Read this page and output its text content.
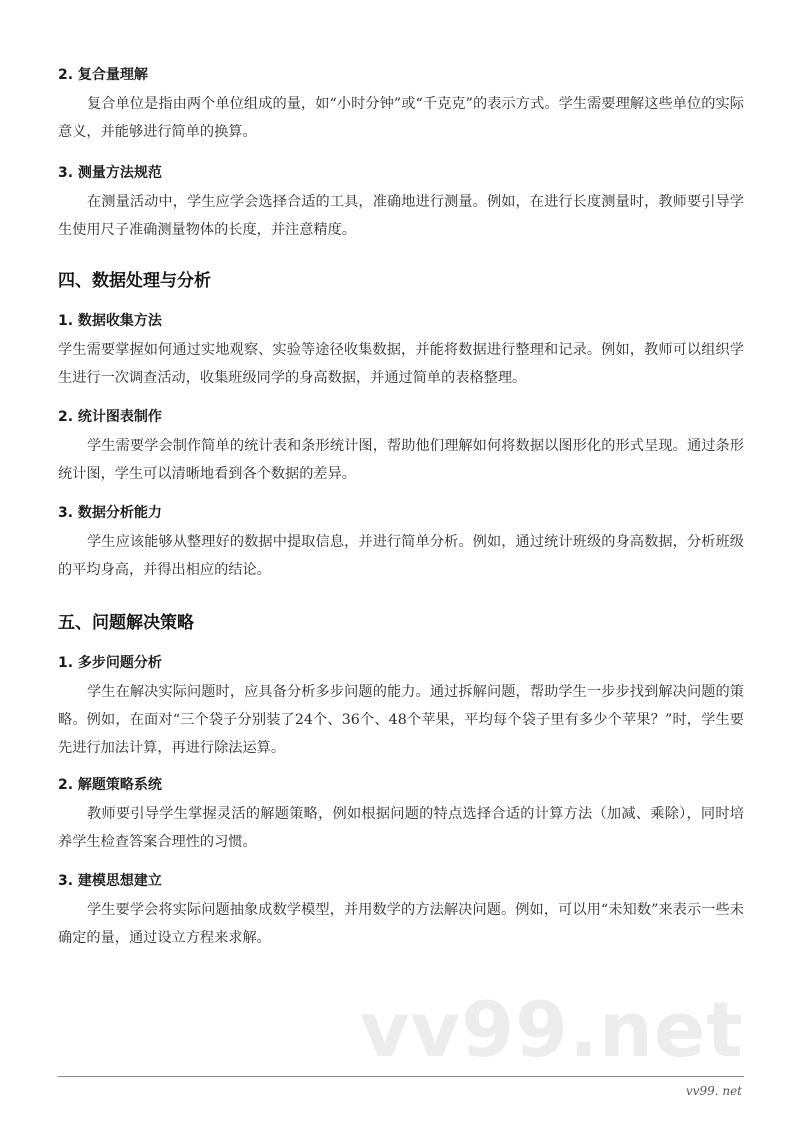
2. 复合量理解

复合单位是指由两个单位组成的量，如“小时分钟”或“千克克”的表示方式。学生需要理解这些单位的实际意义，并能够进行简单的换算。

3. 测量方法规范

在测量活动中，学生应学会选择合适的工具，准确地进行测量。例如，在进行长度测量时，教师要引导学生使用尺子准确测量物体的长度，并注意精度。

四、数据处理与分析
1. 数据收集方法

学生需要掌握如何通过实地观察、实验等途径收集数据，并能将数据进行整理和记录。例如，教师可以组织学生进行一次调查活动，收集班级同学的身高数据，并通过简单的表格整理。

2. 统计图表制作

学生需要学会制作简单的统计表和条形统计图，帮助他们理解如何将数据以图形化的形式呈现。通过条形统计图，学生可以清晰地看到各个数据的差异。

3. 数据分析能力

学生应该能够从整理好的数据中提取信息，并进行简单分析。例如，通过统计班级的身高数据，分析班级的平均身高，并得出相应的结论。

五、问题解决策略
1. 多步问题分析

学生在解决实际问题时，应具备分析多步问题的能力。通过拆解问题，帮助学生一步步找到解决问题的策略。例如，在面对“三个袋子分别装了24个、36个、48个苹果，平均每个袋子里有多少个苹果？”时，学生要先进行加法计算，再进行除法运算。

2. 解题策略系统

教师要引导学生掌握灵活的解题策略，例如根据问题的特点选择合适的计算方法（加减、乘除），同时培养学生检查答案合理性的习惯。

3. 建模思想建立

学生要学会将实际问题抽象成数学模型，并用数学的方法解决问题。例如，可以用“未知数”来表示一些未确定的量，通过设立方程来求解。

vv99.net
vv99. net
